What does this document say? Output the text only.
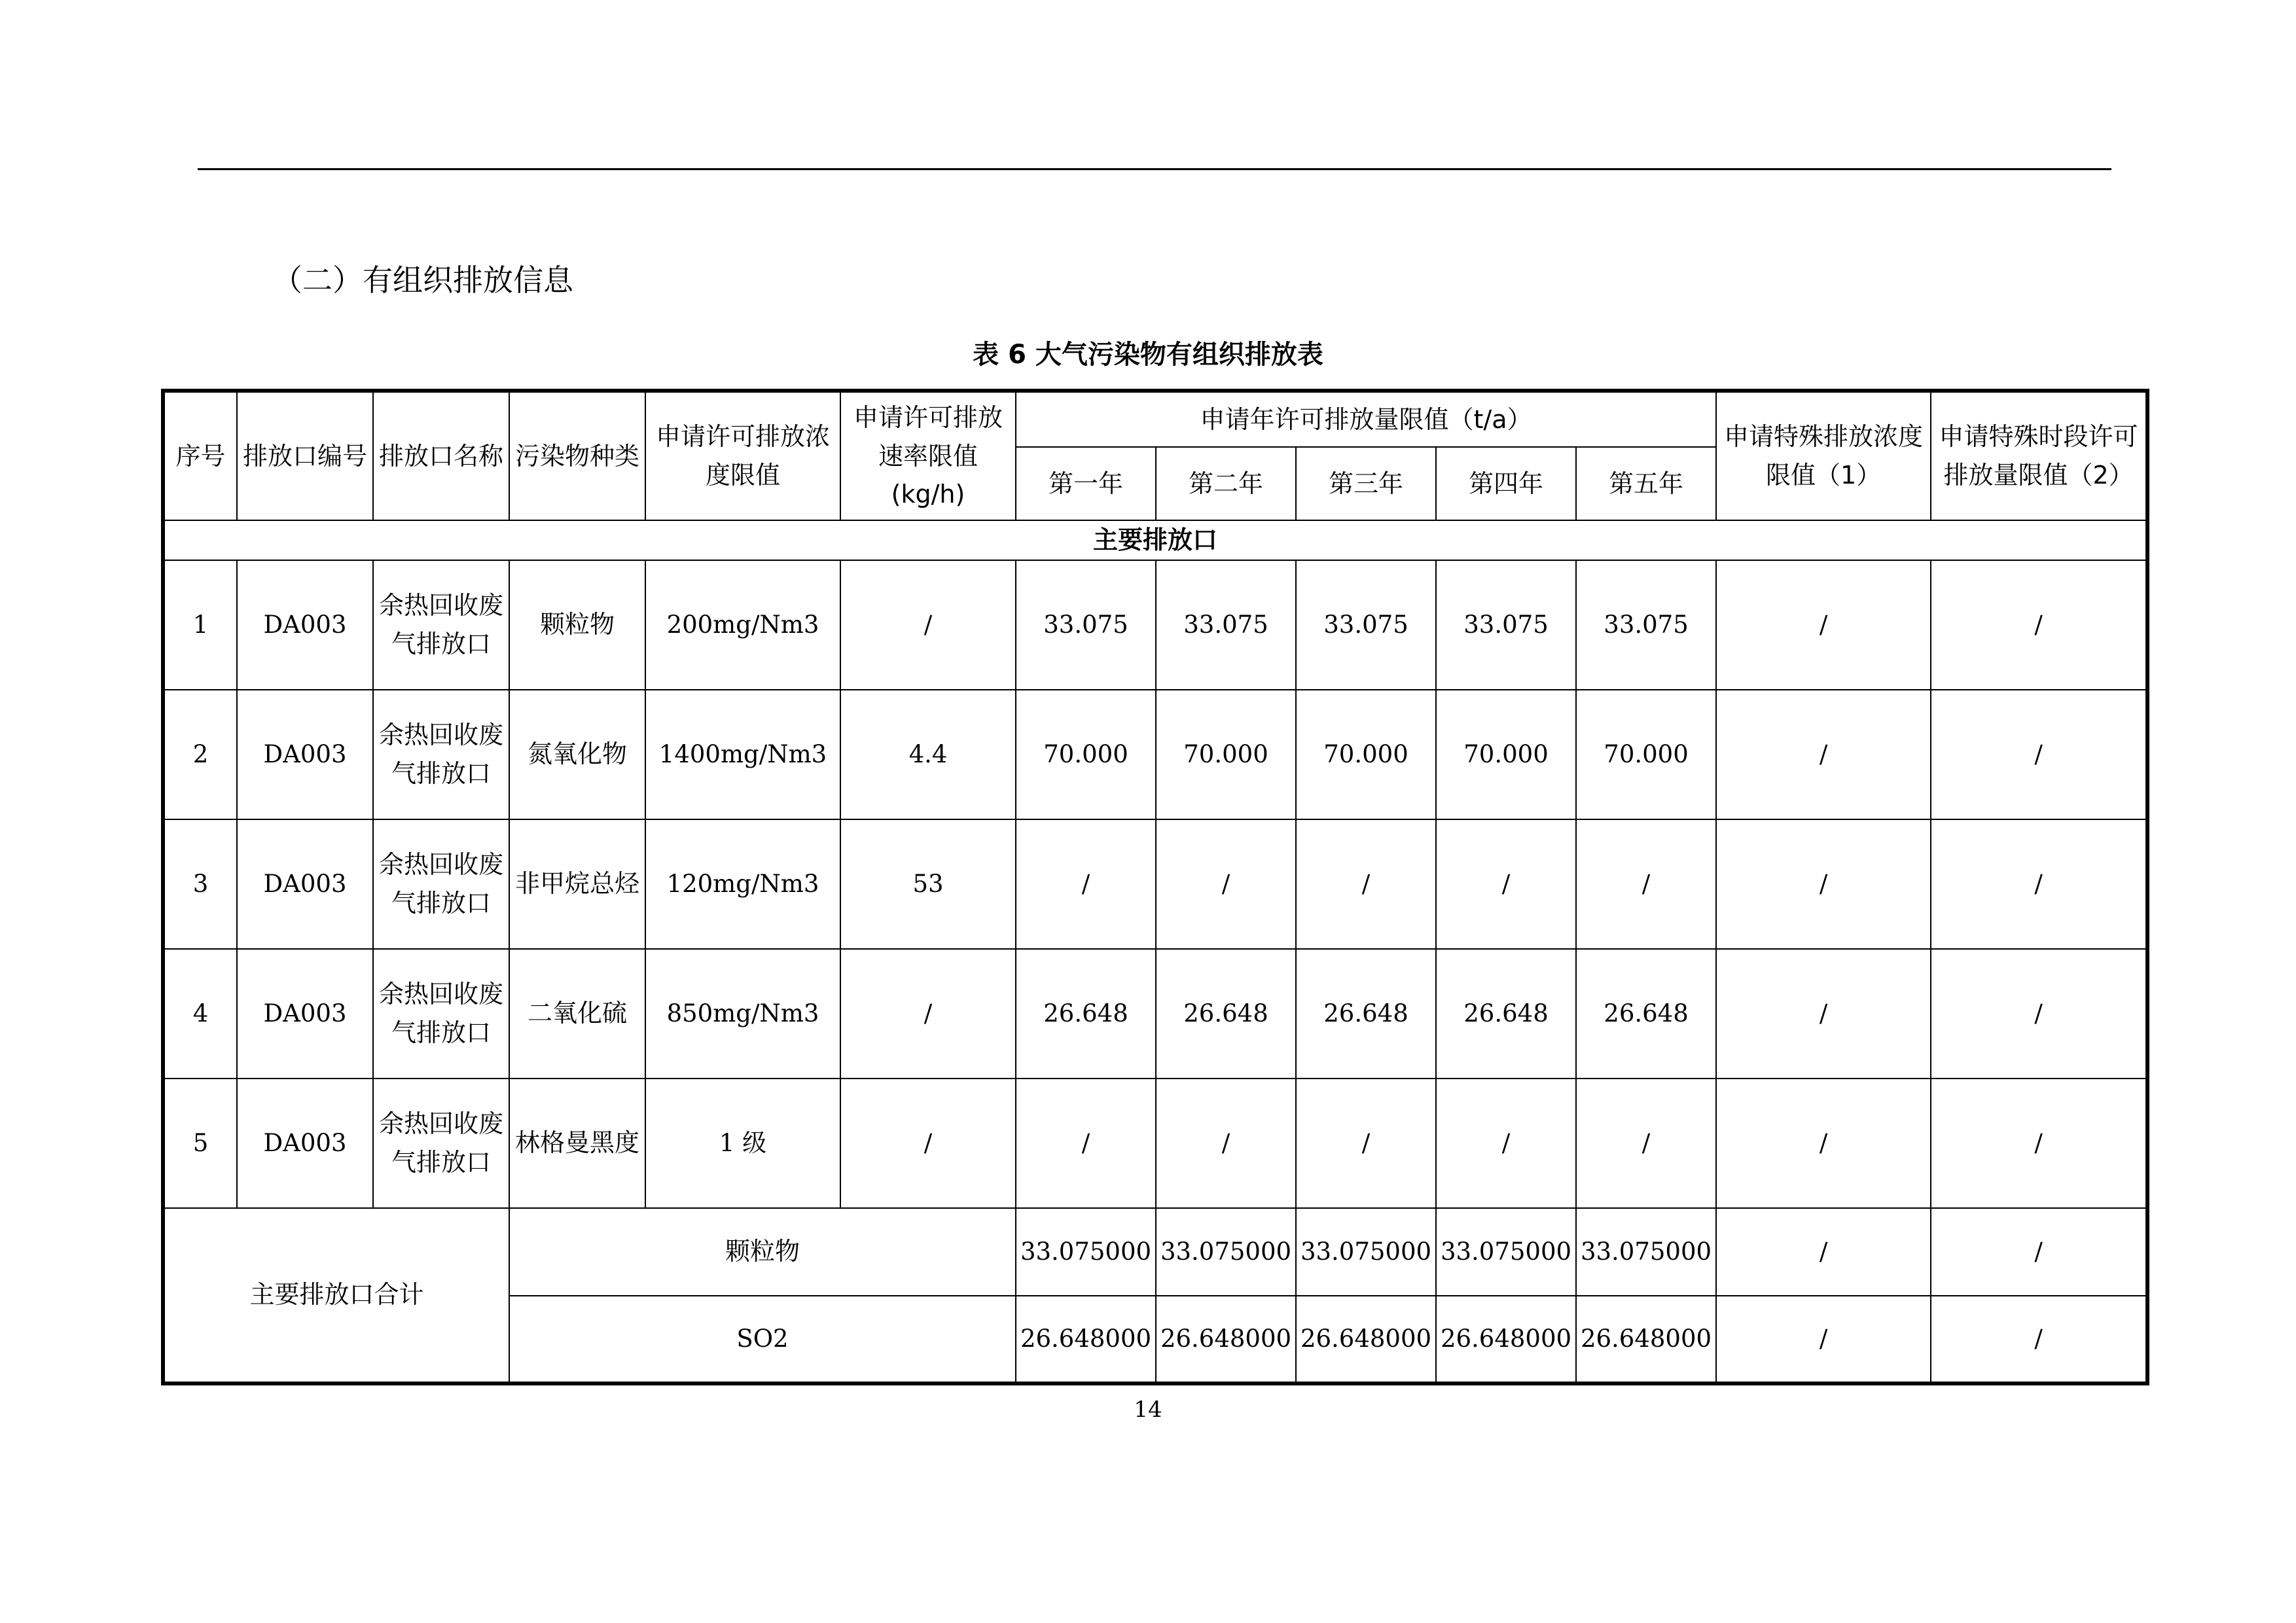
（二）有组织排放信息
表 6 大气污染物有组织排放表
序号	排放口编号	排放口名称	污染物种类	申请许可排放浓度限值	申请许可排放速率限值(kg/h)	申请年许可排放量限值（t/a）					申请特殊排放浓度限值（1）	申请特殊时段许可排放量限值（2）
						第一年	第二年	第三年	第四年	第五年		
主要排放口												
1	DA003	余热回收废气排放口	颗粒物	200mg/Nm3	/	33.075	33.075	33.075	33.075	33.075	/	/
2	DA003	余热回收废气排放口	氮氧化物	1400mg/Nm3	4.4	70.000	70.000	70.000	70.000	70.000	/	/
3	DA003	余热回收废气排放口	非甲烷总烃	120mg/Nm3	53	/	/	/	/	/	/	/
4	DA003	余热回收废气排放口	二氧化硫	850mg/Nm3	/	26.648	26.648	26.648	26.648	26.648	/	/
5	DA003	余热回收废气排放口	林格曼黑度	1 级	/	/	/	/	/	/	/	/
主要排放口合计			颗粒物			33.075000	33.075000	33.075000	33.075000	33.075000	/	/
			SO2			26.648000	26.648000	26.648000	26.648000	26.648000	/	/
14
